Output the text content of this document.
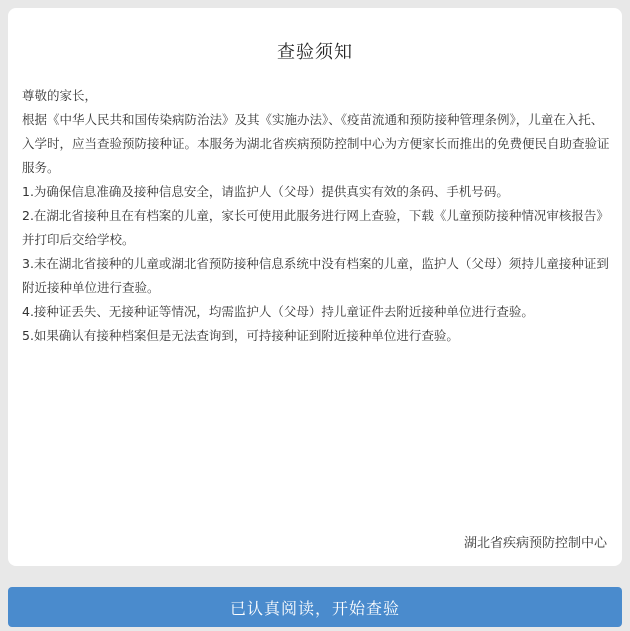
查验须知

尊敬的家长，

根据《中华人民共和国传染病防治法》及其《实施办法》、《疫苗流通和预防接种管理条例》，儿童在入托、入学时，应当查验预防接种证。本服务为湖北省疾病预防控制中心为方便家长而推出的免费便民自助查验证服务。

1.为确保信息准确及接种信息安全，请监护人（父母）提供真实有效的条码、手机号码。

2.在湖北省接种且在有档案的儿童，家长可使用此服务进行网上查验，下载《儿童预防接种情况审核报告》并打印后交给学校。

3.未在湖北省接种的儿童或湖北省预防接种信息系统中没有档案的儿童，监护人（父母）须持儿童接种证到附近接种单位进行查验。

4.接种证丢失、无接种证等情况，均需监护人（父母）持儿童证件去附近接种单位进行查验。

5.如果确认有接种档案但是无法查询到，可持接种证到附近接种单位进行查验。

湖北省疾病预防控制中心
已认真阅读，开始查验
